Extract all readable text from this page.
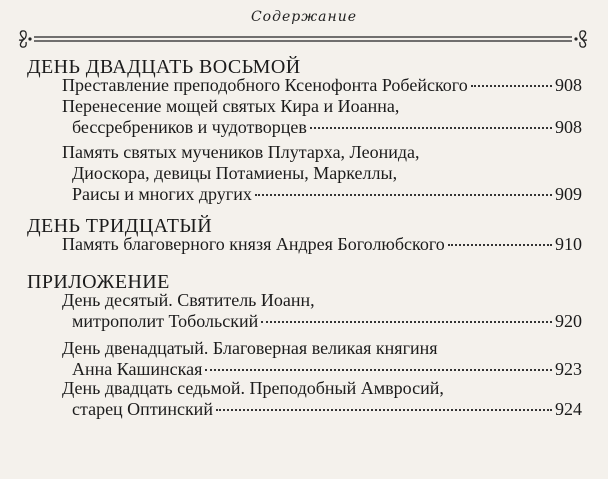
Содержание
ДЕНЬ ДВАДЦАТЬ ВОСЬМОЙ
Преставление преподобного Ксенофонта Робейского	908
Перенесение мощей святых Кира и Иоанна,
бессребреников и чудотворцев	908
Память святых мучеников Плутарха, Леонида,
Диоскора, девицы Потамиены, Маркеллы,
Раисы и многих других	909
ДЕНЬ ТРИДЦАТЫЙ
Память благоверного князя Андрея Боголюбского	910
ПРИЛОЖЕНИЕ
День десятый. Святитель Иоанн,
митрополит Тобольский	920
День двенадцатый. Благоверная великая княгиня
Анна Кашинская	923
День двадцать седьмой. Преподобный Амвросий,
старец Оптинский	924
